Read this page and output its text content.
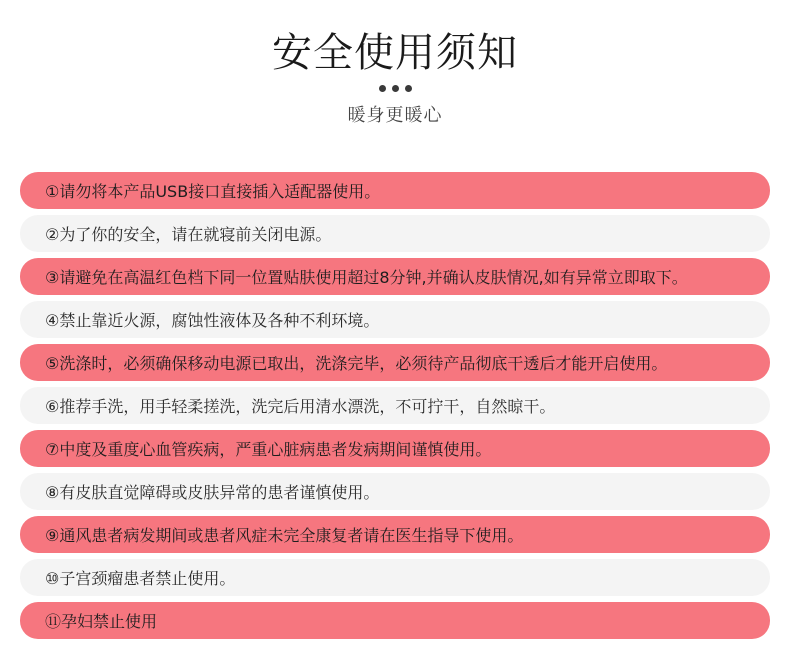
安全使用须知
暖身更暖心
①请勿将本产品USB接口直接插入适配器使用。
②为了你的安全，请在就寝前关闭电源。
③请避免在高温红色档下同一位置贴肤使用超过8分钟,并确认皮肤情况,如有异常立即取下。
④禁止靠近火源，腐蚀性液体及各种不利环境。
⑤洗涤时，必须确保移动电源已取出，洗涤完毕，必须待产品彻底干透后才能开启使用。
⑥推荐手洗，用手轻柔搓洗，洗完后用清水漂洗，不可拧干，自然晾干。
⑦中度及重度心血管疾病，严重心脏病患者发病期间谨慎使用。
⑧有皮肤直觉障碍或皮肤异常的患者谨慎使用。
⑨通风患者病发期间或患者风症未完全康复者请在医生指导下使用。
⑩子宫颈瘤患者禁止使用。
⑪孕妇禁止使用
